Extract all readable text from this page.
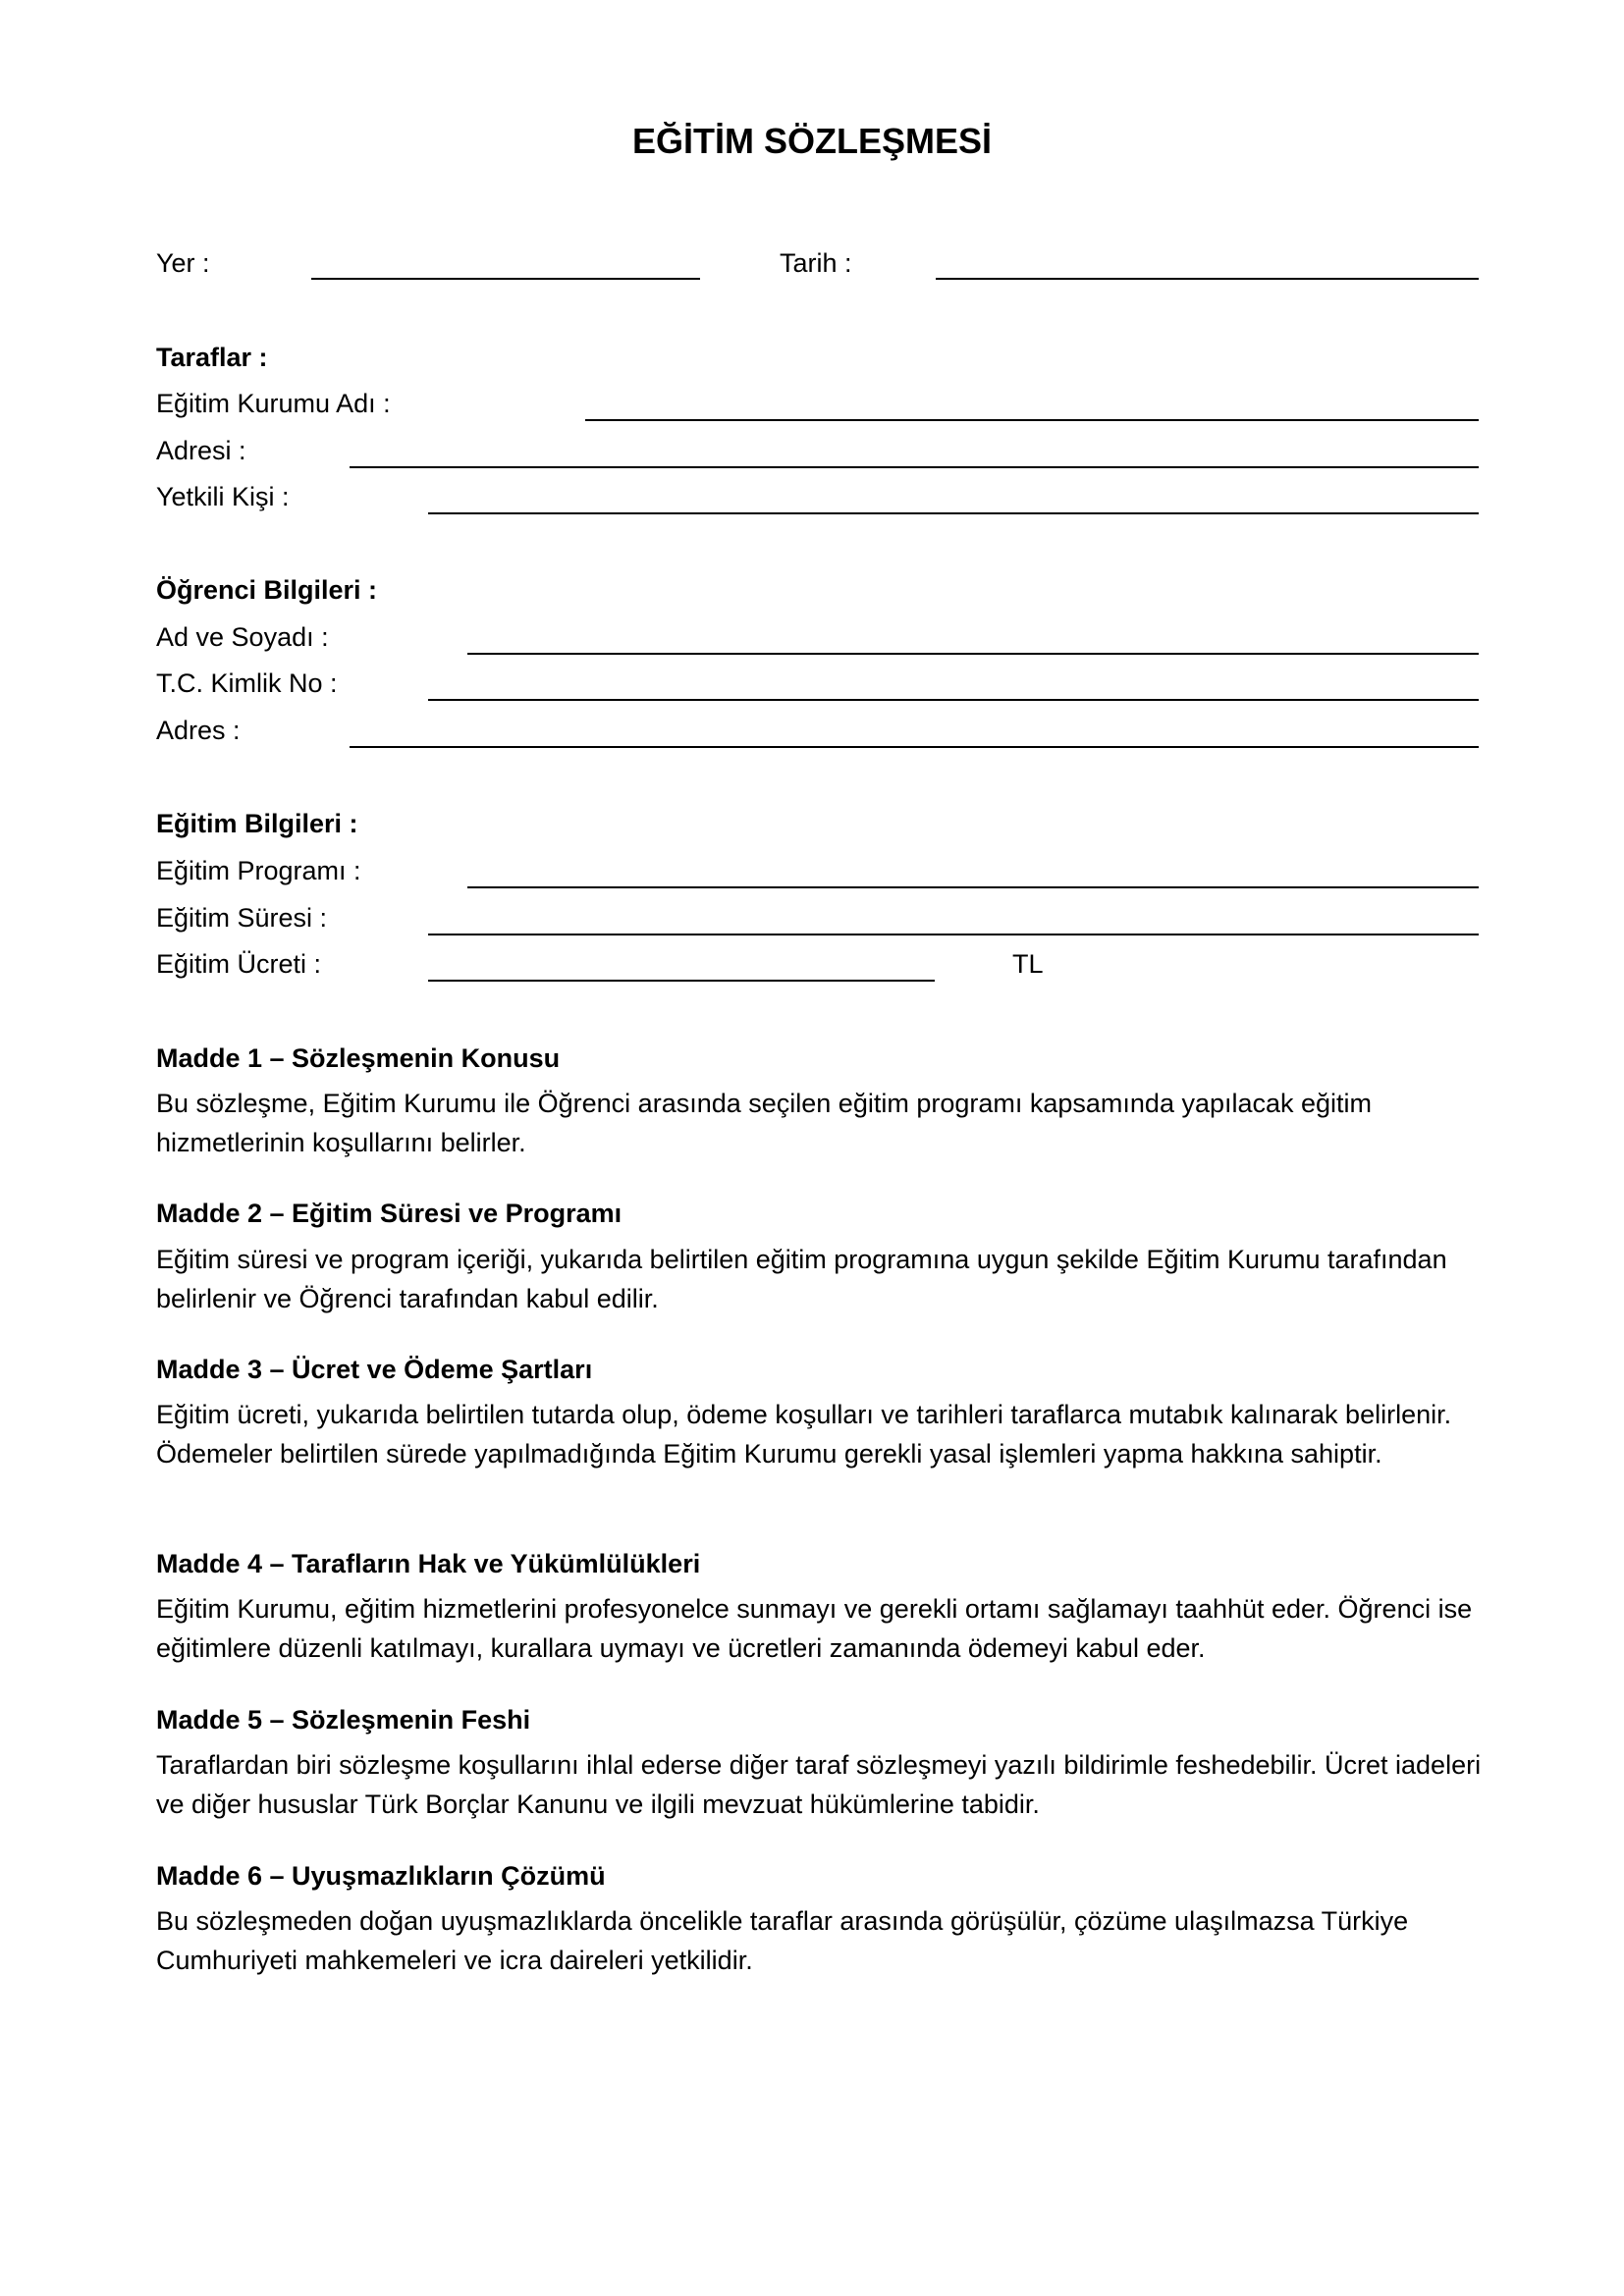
EĞİTİM SÖZLEŞMESİ
Yer :	Tarih :
Taraflar :
Eğitim Kurumu Adı :
Adresi :
Yetkili Kişi :
Öğrenci Bilgileri :
Ad ve Soyadı :
T.C. Kimlik No :
Adres :
Eğitim Bilgileri :
Eğitim Programı :
Eğitim Süresi :
Eğitim Ücreti :	TL
Madde 1 – Sözleşmenin Konusu

Bu sözleşme, Eğitim Kurumu ile Öğrenci arasında seçilen eğitim programı kapsamında yapılacak eğitim hizmetlerinin koşullarını belirler.

Madde 2 – Eğitim Süresi ve Programı

Eğitim süresi ve program içeriği, yukarıda belirtilen eğitim programına uygun şekilde Eğitim Kurumu tarafından belirlenir ve Öğrenci tarafından kabul edilir.

Madde 3 – Ücret ve Ödeme Şartları

Eğitim ücreti, yukarıda belirtilen tutarda olup, ödeme koşulları ve tarihleri taraflarca mutabık kalınarak belirlenir. Ödemeler belirtilen sürede yapılmadığında Eğitim Kurumu gerekli yasal işlemleri yapma hakkına sahiptir.

Madde 4 – Tarafların Hak ve Yükümlülükleri

Eğitim Kurumu, eğitim hizmetlerini profesyonelce sunmayı ve gerekli ortamı sağlamayı taahhüt eder. Öğrenci ise eğitimlere düzenli katılmayı, kurallara uymayı ve ücretleri zamanında ödemeyi kabul eder.

Madde 5 – Sözleşmenin Feshi

Taraflardan biri sözleşme koşullarını ihlal ederse diğer taraf sözleşmeyi yazılı bildirimle feshedebilir. Ücret iadeleri ve diğer hususlar Türk Borçlar Kanunu ve ilgili mevzuat hükümlerine tabidir.

Madde 6 – Uyuşmazlıkların Çözümü

Bu sözleşmeden doğan uyuşmazlıklarda öncelikle taraflar arasında görüşülür, çözüme ulaşılmazsa Türkiye Cumhuriyeti mahkemeleri ve icra daireleri yetkilidir.
